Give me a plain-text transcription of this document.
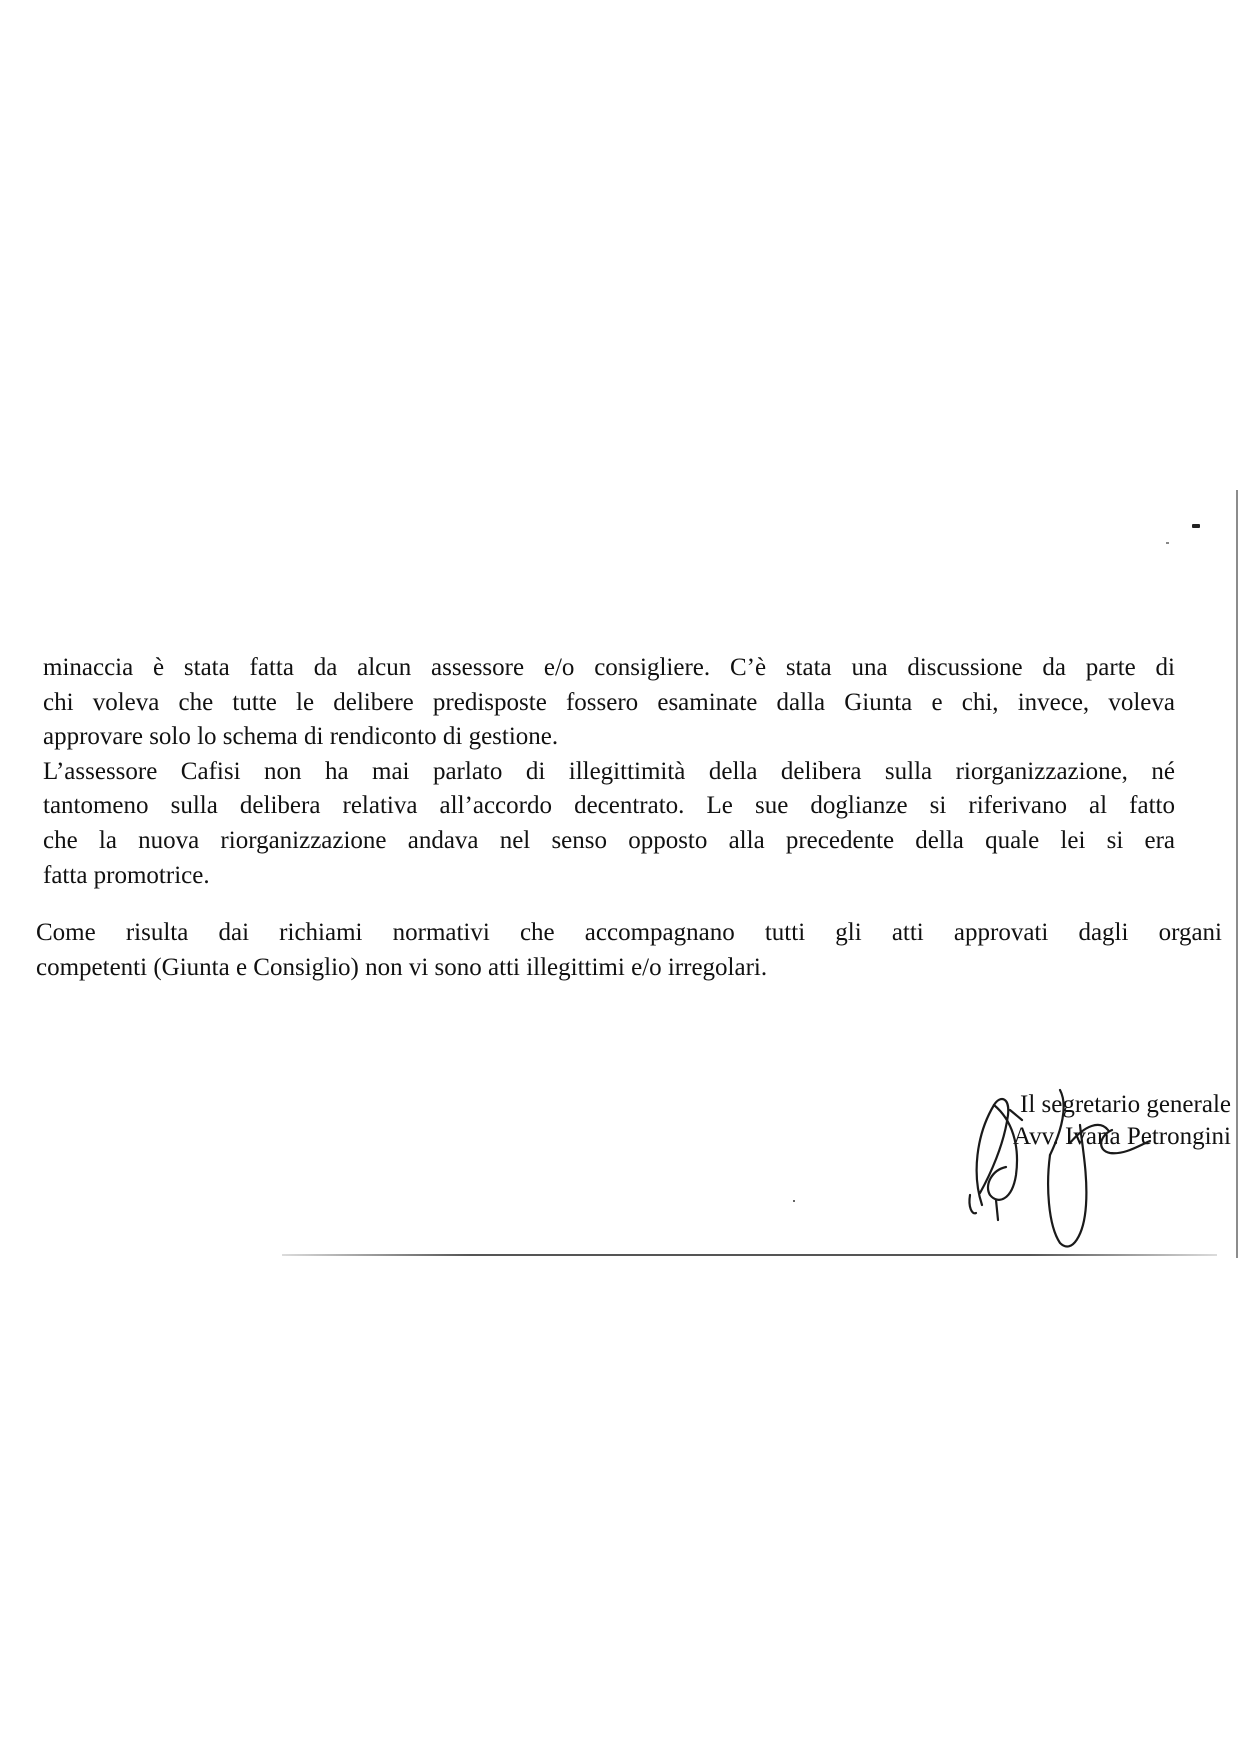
minaccia è stata fatta da alcun assessore e/o consigliere. C’è stata una discussione da parte di
chi voleva che tutte le delibere predisposte fossero esaminate dalla Giunta e chi, invece, voleva
approvare solo lo schema di rendiconto di gestione.
L’assessore Cafisi non ha mai parlato di illegittimità della delibera sulla riorganizzazione, né
tantomeno sulla delibera relativa all’accordo decentrato. Le sue doglianze si riferivano al fatto
che la nuova riorganizzazione andava nel senso opposto alla precedente della quale lei si era
fatta promotrice.
Come risulta dai richiami normativi che accompagnano tutti gli atti approvati dagli organi
competenti (Giunta e Consiglio) non vi sono atti illegittimi e/o irregolari.
Il segretario generale
Avv. Ivana Petrongini
